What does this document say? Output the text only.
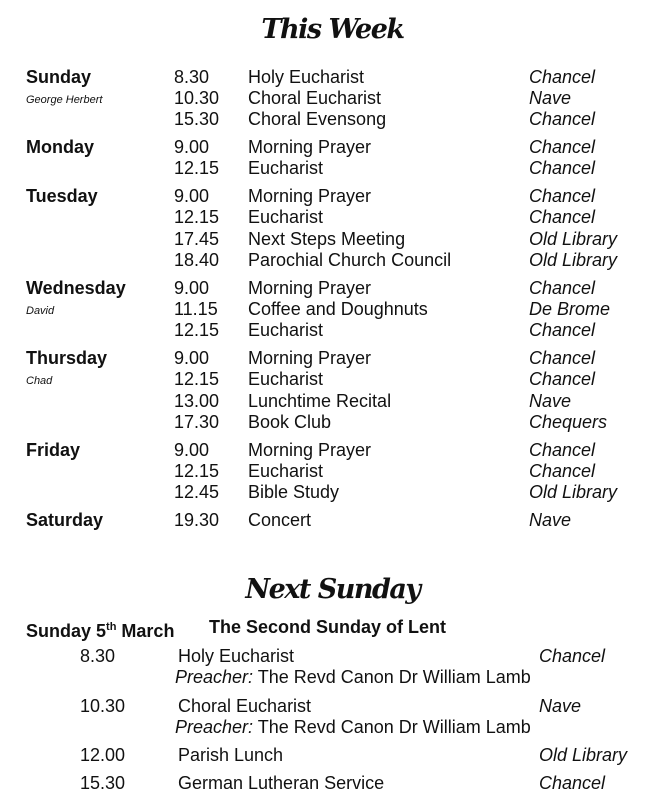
This Week
Sunday	8.30 Holy Eucharist	Chancel
George Herbert	10.30 Choral Eucharist	Nave
15.30 Choral Evensong	Chancel
Monday	9.00 Morning Prayer	Chancel
12.15 Eucharist	Chancel
Tuesday	9.00 Morning Prayer	Chancel
12.15 Eucharist	Chancel
17.45 Next Steps Meeting	Old Library
18.40 Parochial Church Council	Old Library
Wednesday	9.00 Morning Prayer	Chancel
David	11.15 Coffee and Doughnuts	De Brome
12.15 Eucharist	Chancel
Thursday	9.00 Morning Prayer	Chancel
Chad	12.15 Eucharist	Chancel
13.00 Lunchtime Recital	Nave
17.30 Book Club	Chequers
Friday	9.00 Morning Prayer	Chancel
12.15 Eucharist	Chancel
12.45 Bible Study	Old Library
Saturday	19.30 Concert	Nave
Next Sunday
Sunday 5th March The Second Sunday of Lent
8.30	Holy Eucharist	Chancel
Preacher: The Revd Canon Dr William Lamb
10.30	Choral Eucharist	Nave
Preacher: The Revd Canon Dr William Lamb
12.00	Parish Lunch	Old Library
15.30	German Lutheran Service	Chancel
